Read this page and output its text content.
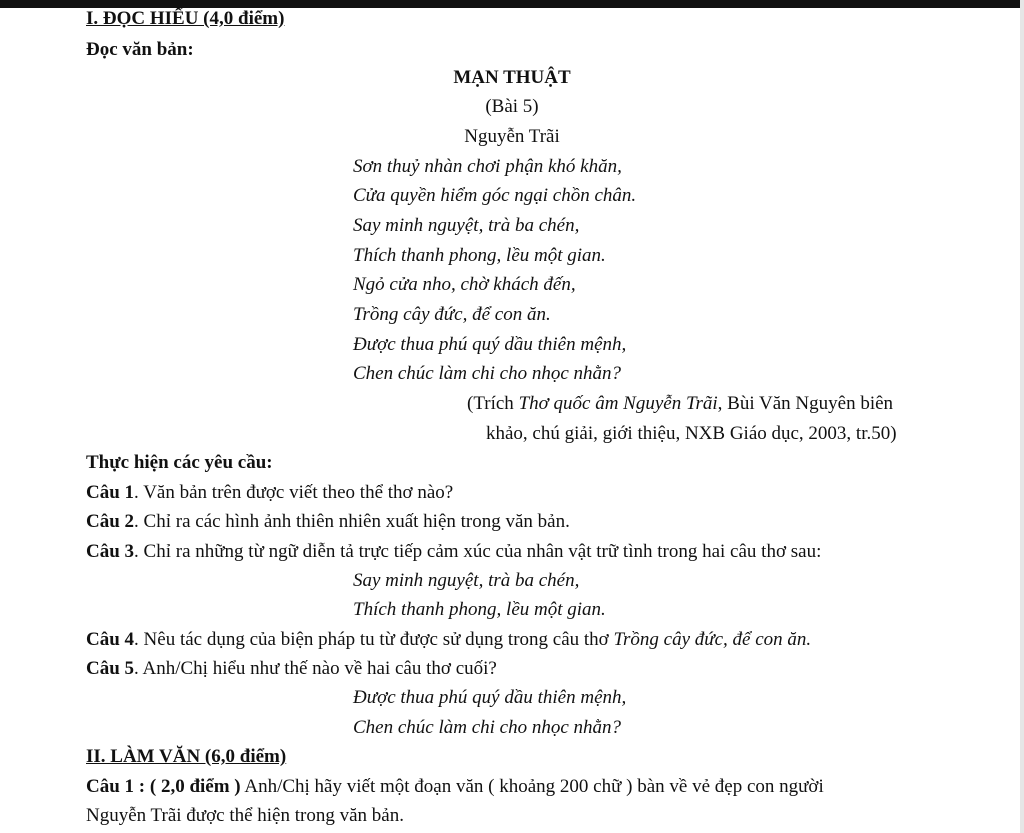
I. ĐỌC HIỂU (4,0 điểm)
Đọc văn bản:
MẠN THUẬT
(Bài 5)
Nguyễn Trãi
Sơn thuỷ nhàn chơi phận khó khăn,
Cửa quyền hiểm góc ngại chồn chân.
Say minh nguyệt, trà ba chén,
Thích thanh phong, lều một gian.
Ngỏ cửa nho, chờ khách đến,
Trồng cây đức, để con ăn.
Được thua phú quý dầu thiên mệnh,
Chen chúc làm chi cho nhọc nhằn?
(Trích Thơ quốc âm Nguyễn Trãi, Bùi Văn Nguyên biên
khảo, chú giải, giới thiệu, NXB Giáo dục, 2003, tr.50)
Thực hiện các yêu cầu:
Câu 1. Văn bản trên được viết theo thể thơ nào?
Câu 2. Chỉ ra các hình ảnh thiên nhiên xuất hiện trong văn bản.
Câu 3. Chỉ ra những từ ngữ diễn tả trực tiếp cảm xúc của nhân vật trữ tình trong hai câu thơ sau:
Say minh nguyệt, trà ba chén,
Thích thanh phong, lều một gian.
Câu 4. Nêu tác dụng của biện pháp tu từ được sử dụng trong câu thơ Trồng cây đức, để con ăn.
Câu 5. Anh/Chị hiểu như thế nào về hai câu thơ cuối?
Được thua phú quý dầu thiên mệnh,
Chen chúc làm chi cho nhọc nhằn?
II. LÀM VĂN (6,0 điểm)
Câu 1 : ( 2,0 điểm ) Anh/Chị hãy viết một đoạn văn ( khoảng 200 chữ ) bàn về vẻ đẹp con người
Nguyễn Trãi được thể hiện trong văn bản.
